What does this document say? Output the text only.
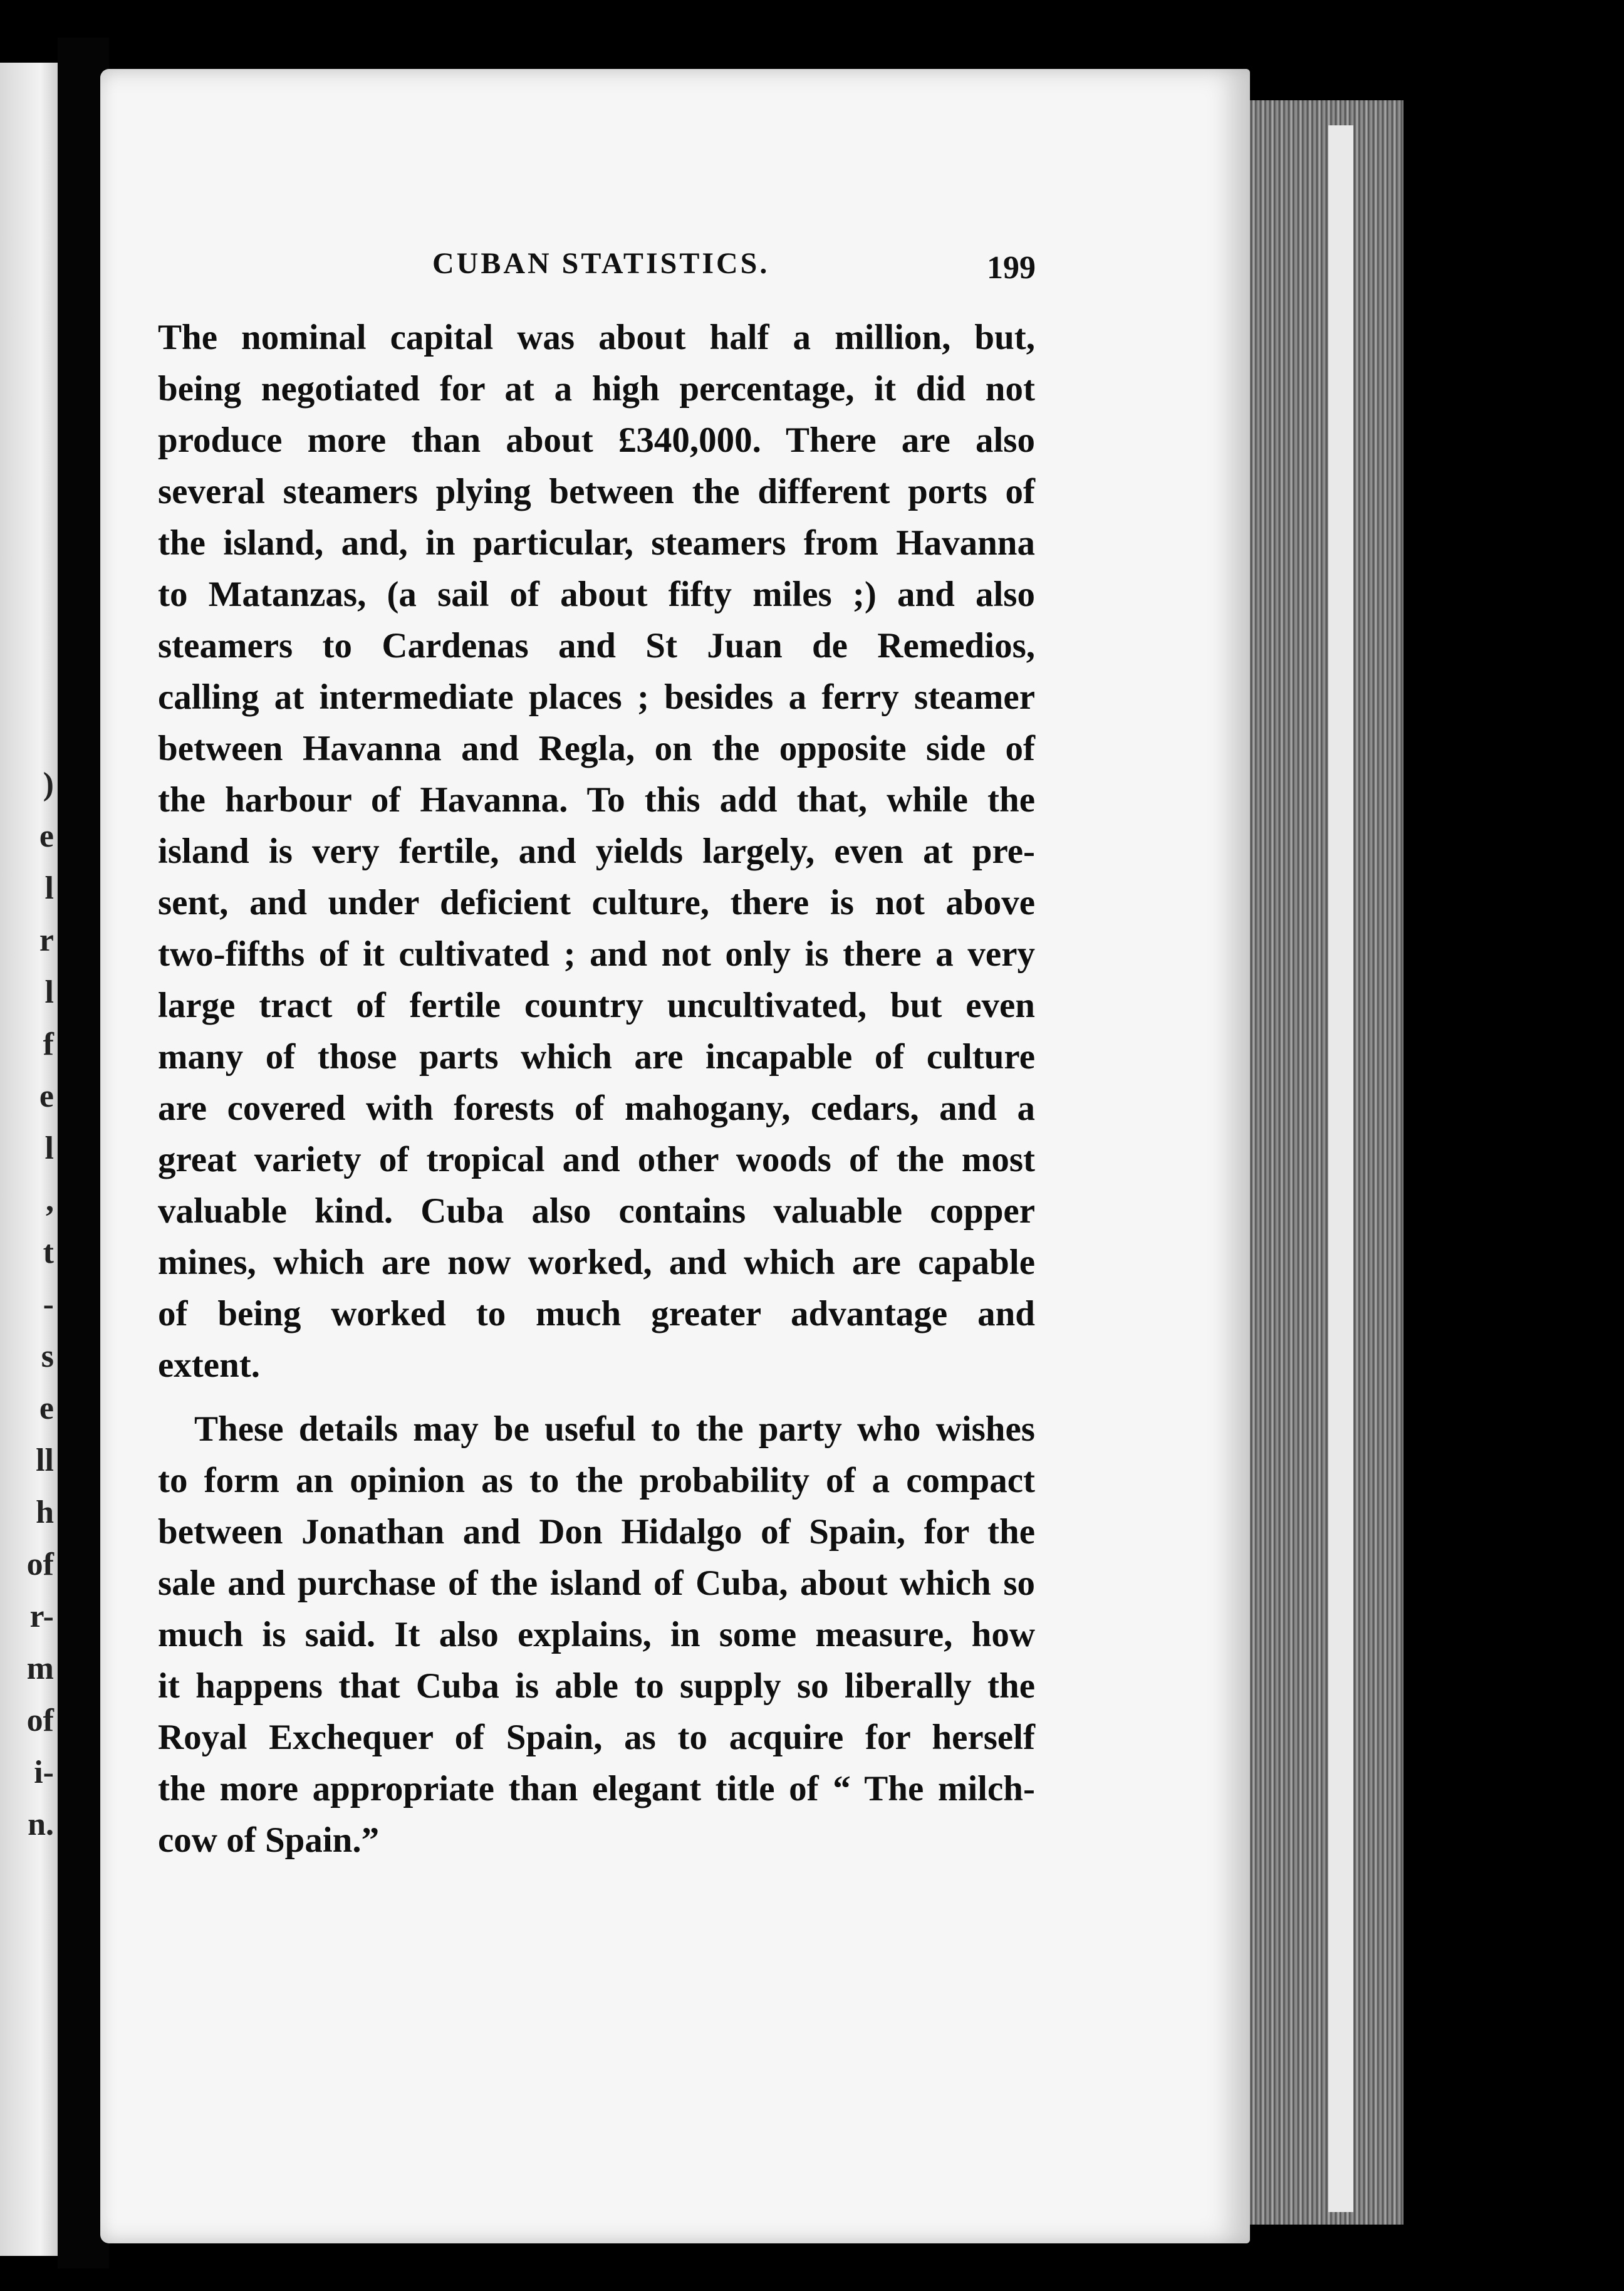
)
e
l
r
l
f
e
l
,
t
-
s
e
ll
h
of
r-
m
of
i-
n.
CUBAN STATISTICS.	199
The nominal capital was about half a million, but,
being negotiated for at a high percentage, it did not
produce more than about £340,000. There are also
several steamers plying between the different ports of
the island, and, in particular, steamers from Havanna
to Matanzas, (a sail of about fifty miles ;) and also
steamers to Cardenas and St Juan de Remedios,
calling at intermediate places ; besides a ferry steamer
between Havanna and Regla, on the opposite side of
the harbour of Havanna. To this add that, while the
island is very fertile, and yields largely, even at pre-
sent, and under deficient culture, there is not above
two-fifths of it cultivated ; and not only is there a very
large tract of fertile country uncultivated, but even
many of those parts which are incapable of culture
are covered with forests of mahogany, cedars, and a
great variety of tropical and other woods of the most
valuable kind. Cuba also contains valuable copper
mines, which are now worked, and which are capable
of being worked to much greater advantage and
extent.
These details may be useful to the party who wishes
to form an opinion as to the probability of a compact
between Jonathan and Don Hidalgo of Spain, for the
sale and purchase of the island of Cuba, about which so
much is said. It also explains, in some measure, how
it happens that Cuba is able to supply so liberally the
Royal Exchequer of Spain, as to acquire for herself
the more appropriate than elegant title of “ The milch-
cow of Spain.”
